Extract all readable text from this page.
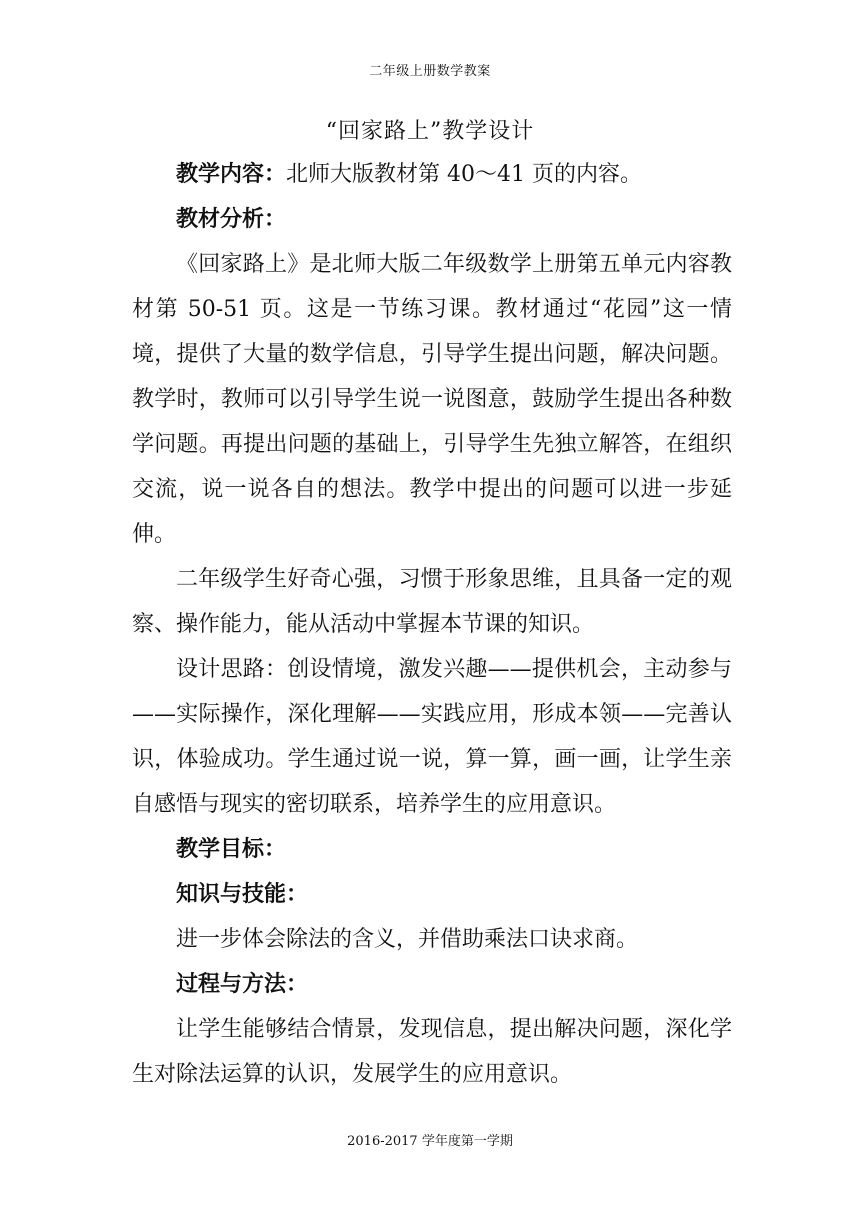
二年级上册数学教案
“回家路上”教学设计

教学内容：北师大版教材第 40～41 页的内容。

教材分析：

《回家路上》是北师大版二年级数学上册第五单元内容教材第 50-51 页。这是一节练习课。教材通过“花园”这一情境，提供了大量的数学信息，引导学生提出问题，解决问题。教学时，教师可以引导学生说一说图意，鼓励学生提出各种数学问题。再提出问题的基础上，引导学生先独立解答，在组织交流，说一说各自的想法。教学中提出的问题可以进一步延伸。

二年级学生好奇心强，习惯于形象思维，且具备一定的观察、操作能力，能从活动中掌握本节课的知识。

设计思路：创设情境，激发兴趣——提供机会，主动参与——实际操作，深化理解——实践应用，形成本领——完善认识，体验成功。学生通过说一说，算一算，画一画，让学生亲自感悟与现实的密切联系，培养学生的应用意识。

教学目标：

知识与技能：

进一步体会除法的含义，并借助乘法口诀求商。

过程与方法：

让学生能够结合情景，发现信息，提出解决问题，深化学生对除法运算的认识，发展学生的应用意识。

2016-2017 学年度第一学期
